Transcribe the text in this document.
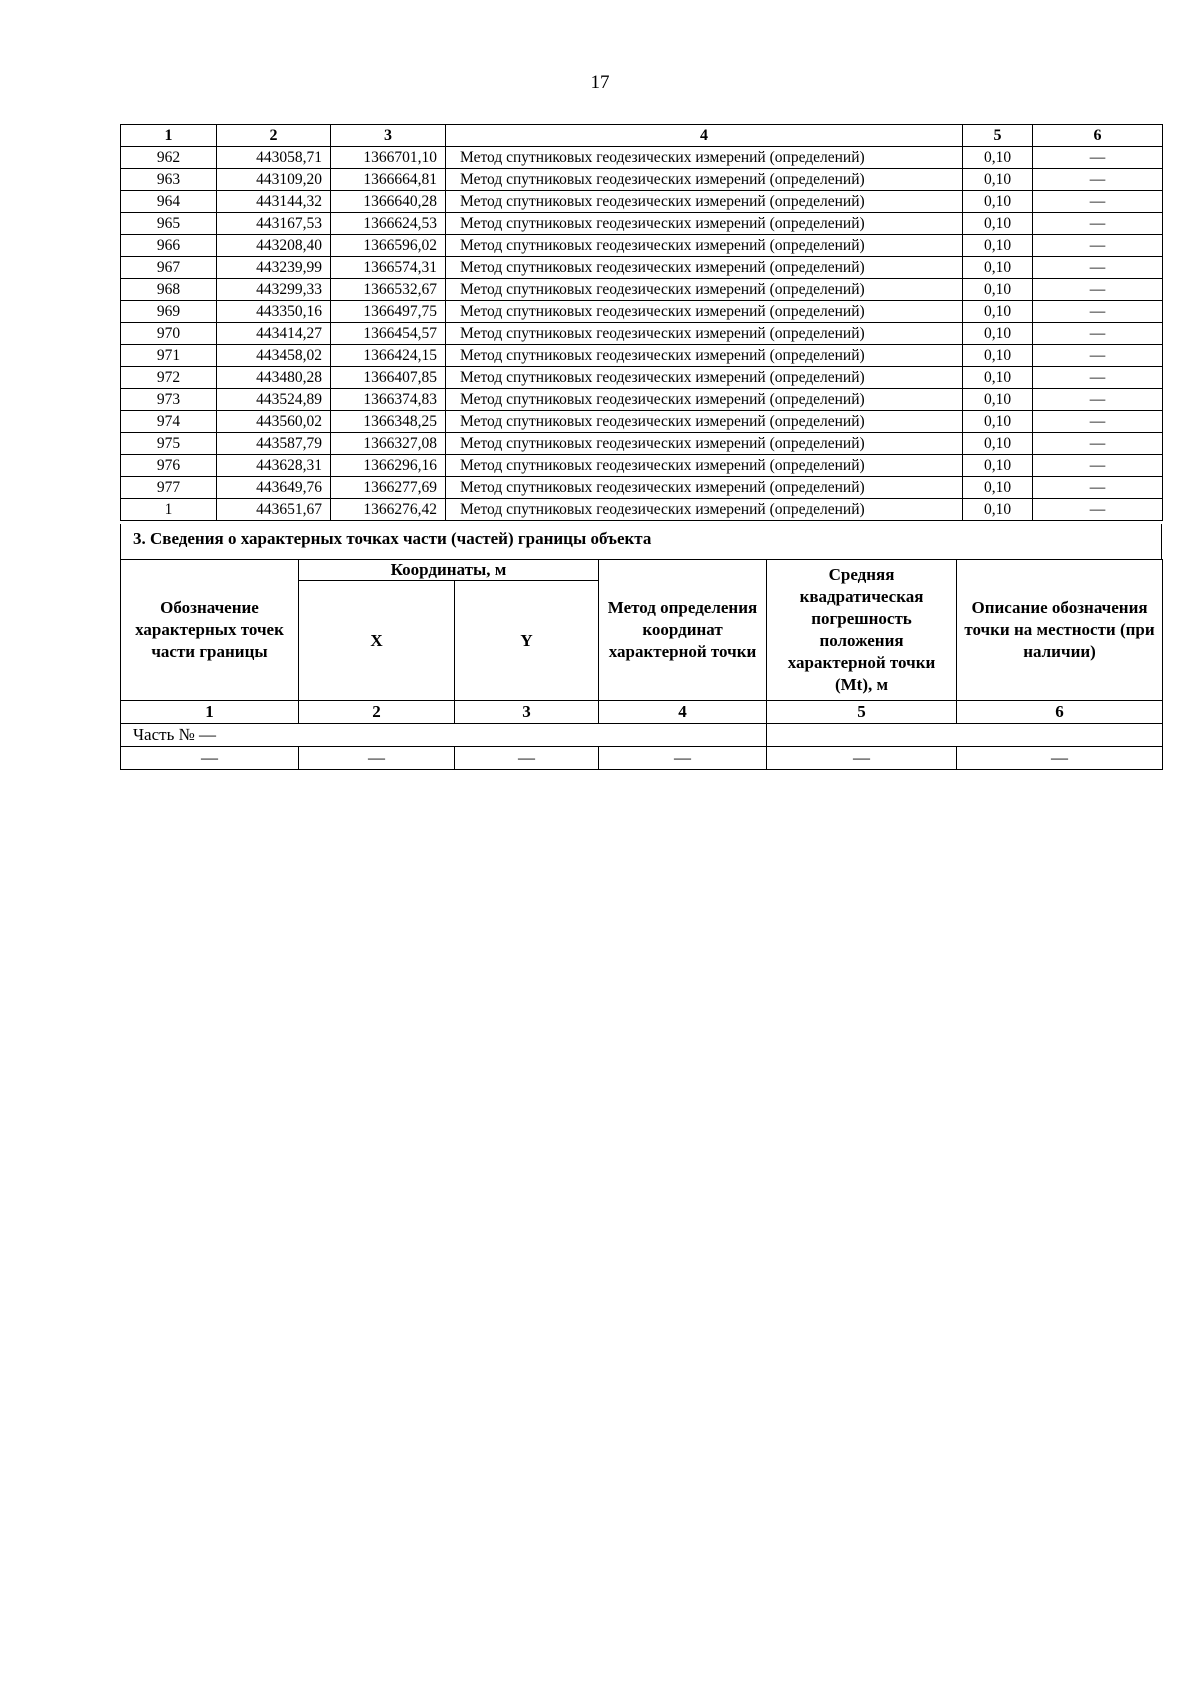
17
1	2	3	4	5	6
962	443058,71	1366701,10	Метод спутниковых геодезических измерений (определений)	0,10	—
963	443109,20	1366664,81	Метод спутниковых геодезических измерений (определений)	0,10	—
964	443144,32	1366640,28	Метод спутниковых геодезических измерений (определений)	0,10	—
965	443167,53	1366624,53	Метод спутниковых геодезических измерений (определений)	0,10	—
966	443208,40	1366596,02	Метод спутниковых геодезических измерений (определений)	0,10	—
967	443239,99	1366574,31	Метод спутниковых геодезических измерений (определений)	0,10	—
968	443299,33	1366532,67	Метод спутниковых геодезических измерений (определений)	0,10	—
969	443350,16	1366497,75	Метод спутниковых геодезических измерений (определений)	0,10	—
970	443414,27	1366454,57	Метод спутниковых геодезических измерений (определений)	0,10	—
971	443458,02	1366424,15	Метод спутниковых геодезических измерений (определений)	0,10	—
972	443480,28	1366407,85	Метод спутниковых геодезических измерений (определений)	0,10	—
973	443524,89	1366374,83	Метод спутниковых геодезических измерений (определений)	0,10	—
974	443560,02	1366348,25	Метод спутниковых геодезических измерений (определений)	0,10	—
975	443587,79	1366327,08	Метод спутниковых геодезических измерений (определений)	0,10	—
976	443628,31	1366296,16	Метод спутниковых геодезических измерений (определений)	0,10	—
977	443649,76	1366277,69	Метод спутниковых геодезических измерений (определений)	0,10	—
1	443651,67	1366276,42	Метод спутниковых геодезических измерений (определений)	0,10	—
3. Сведения о характерных точках части (частей) границы объекта
Обозначение характерных точек части границы	Координаты, м		Метод определения координат характерной точки	Средняя квадратическая погрешность положения характерной точки (Mt), м	Описание обозначения точки на местности (при наличии)
	X	Y			
1	2	3	4	5	6
Часть № —					
—	—	—	—	—	—
